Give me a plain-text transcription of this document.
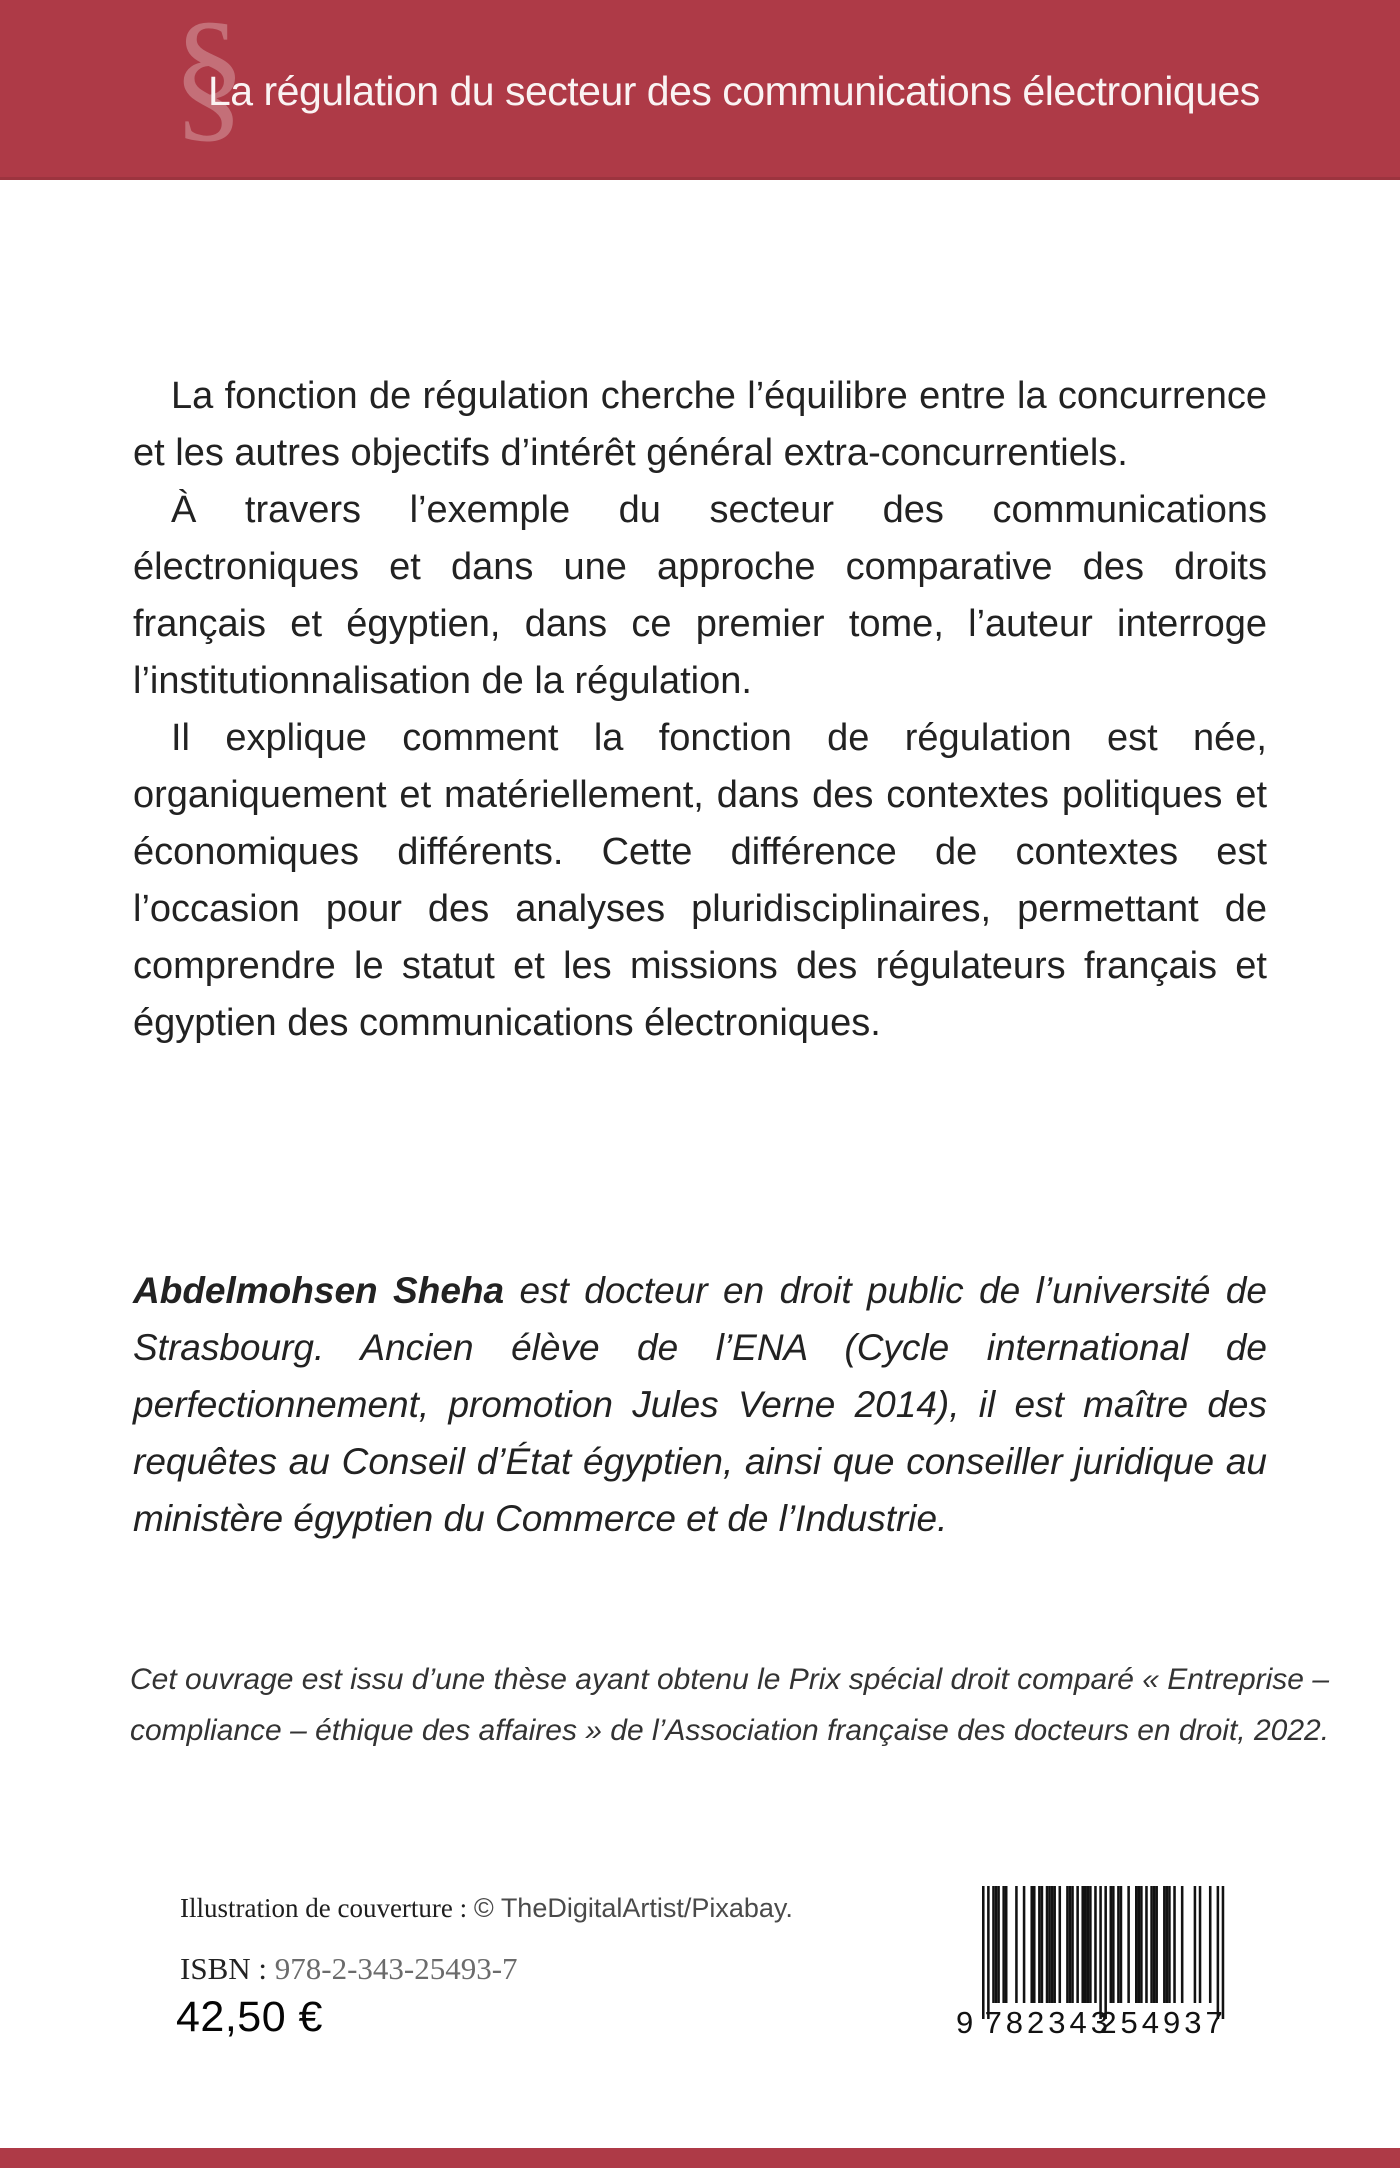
§
La régulation du secteur des communications électroniques

La fonction de régulation cherche l’équilibre entre la concurrence et les autres objectifs d’intérêt général extra-concurrentiels.

À travers l’exemple du secteur des communications électroniques et dans une approche comparative des droits français et égyptien, dans ce premier tome, l’auteur interroge l’institutionnalisation de la régulation.

Il explique comment la fonction de régulation est née, organiquement et matériellement, dans des contextes politiques et économiques différents. Cette différence de contextes est l’occasion pour des analyses pluridisciplinaires, permettant de comprendre le statut et les missions des régulateurs français et égyptien des communications électroniques.

Abdelmohsen Sheha est docteur en droit public de l’université de Strasbourg. Ancien élève de l’ENA (Cycle international de perfectionnement, promotion Jules Verne 2014), il est maître des requêtes au Conseil d’État égyptien, ainsi que conseiller juridique au ministère égyptien du Commerce et de l’Industrie.
Cet ouvrage est issu d’une thèse ayant obtenu le Prix spécial droit comparé « Entreprise –
compliance – éthique des affaires » de l’Association française des docteurs en droit, 2022.
Illustration de couverture : © TheDigitalArtist/Pixabay.
ISBN : 978-2-343-25493-7
42,50 €	9 782343
254937
